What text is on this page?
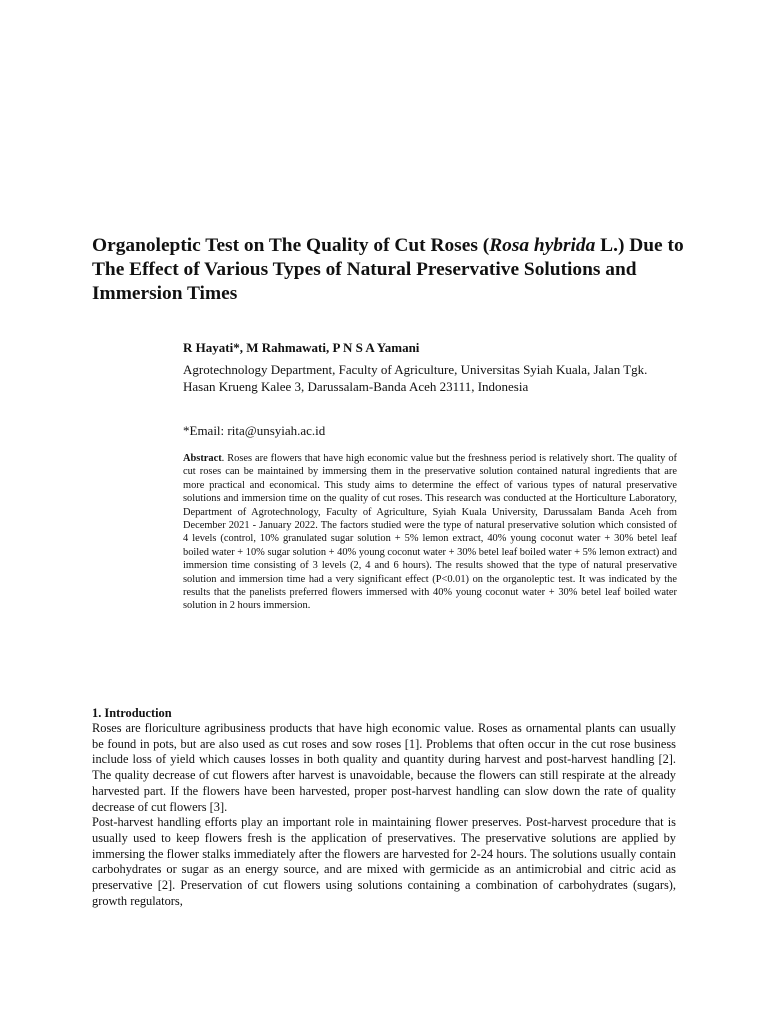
Organoleptic Test on The Quality of Cut Roses (Rosa hybrida L.) Due to The Effect of Various Types of Natural Preservative Solutions and Immersion Times
R Hayati*, M Rahmawati, P N S A Yamani
Agrotechnology Department, Faculty of Agriculture, Universitas Syiah Kuala, Jalan Tgk. Hasan Krueng Kalee 3, Darussalam-Banda Aceh 23111, Indonesia
*Email: rita@unsyiah.ac.id

Abstract. Roses are flowers that have high economic value but the freshness period is relatively short. The quality of cut roses can be maintained by immersing them in the preservative solution contained natural ingredients that are more practical and economical. This study aims to determine the effect of various types of natural preservative solutions and immersion time on the quality of cut roses. This research was conducted at the Horticulture Laboratory, Department of Agrotechnology, Faculty of Agriculture, Syiah Kuala University, Darussalam Banda Aceh from December 2021 - January 2022. The factors studied were the type of natural preservative solution which consisted of 4 levels (control, 10% granulated sugar solution + 5% lemon extract, 40% young coconut water + 30% betel leaf boiled water + 10% sugar solution + 40% young coconut water + 30% betel leaf boiled water + 5% lemon extract) and immersion time consisting of 3 levels (2, 4 and 6 hours). The results showed that the type of natural preservative solution and immersion time had a very significant effect (P<0.01) on the organoleptic test. It was indicated by the results that the panelists preferred flowers immersed with 40% young coconut water + 30% betel leaf boiled water solution in 2 hours immersion.

1. Introduction

Roses are floriculture agribusiness products that have high economic value. Roses as ornamental plants can usually be found in pots, but are also used as cut roses and sow roses [1]. Problems that often occur in the cut rose business include loss of yield which causes losses in both quality and quantity during harvest and post-harvest handling [2]. The quality decrease of cut flowers after harvest is unavoidable, because the flowers can still respirate at the already harvested part. If the flowers have been harvested, proper post-harvest handling can slow down the rate of quality decrease of cut flowers [3].

Post-harvest handling efforts play an important role in maintaining flower preserves. Post-harvest procedure that is usually used to keep flowers fresh is the application of preservatives. The preservative solutions are applied by immersing the flower stalks immediately after the flowers are harvested for 2-24 hours. The solutions usually contain carbohydrates or sugar as an energy source, and are mixed with germicide as an antimicrobial and citric acid as preservative [2]. Preservation of cut flowers using solutions containing a combination of carbohydrates (sugars), growth regulators,
